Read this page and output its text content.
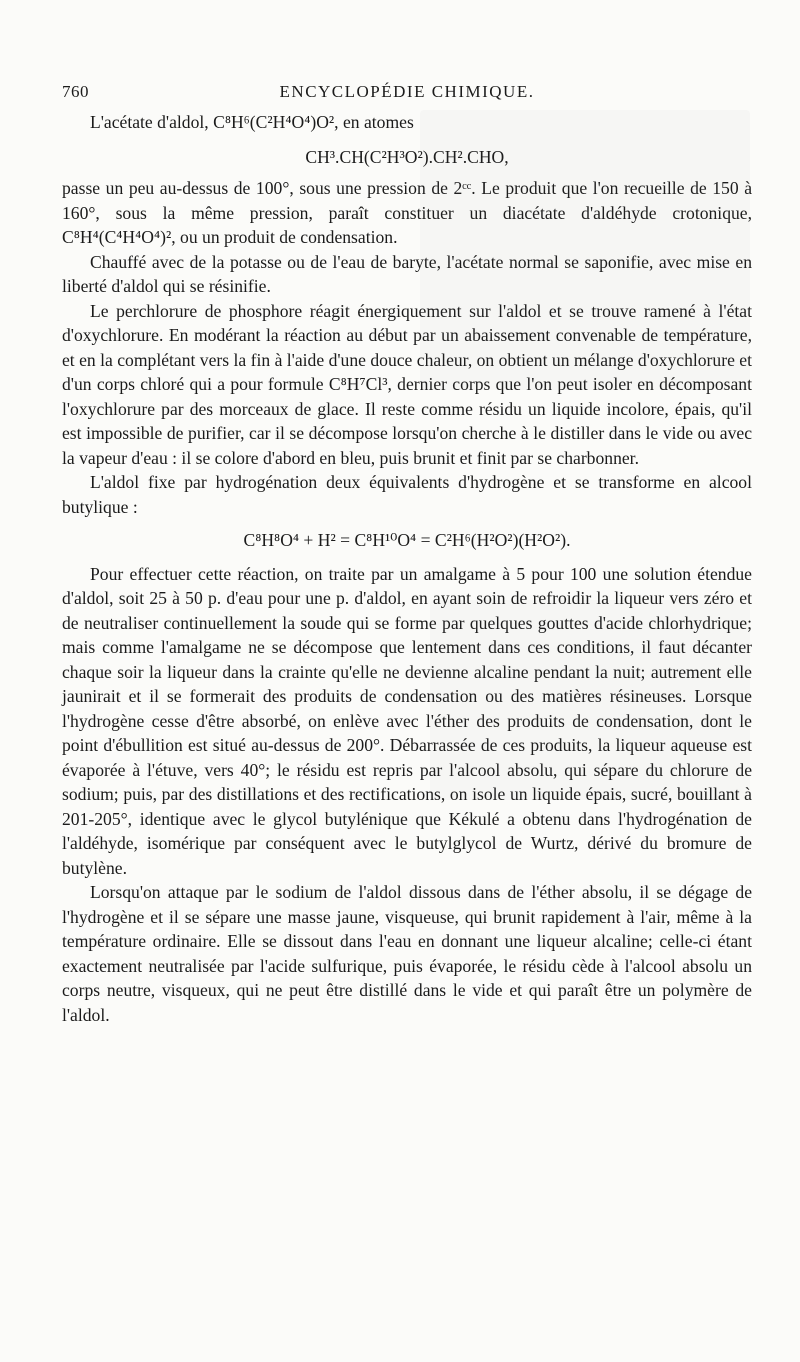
760	ENCYCLOPÉDIE CHIMIQUE.

L'acétate d'aldol, C⁸H⁶(C²H⁴O⁴)O², en atomes

CH³.CH(C²H³O²).CH².CHO,

passe un peu au-dessus de 100°, sous une pression de 2ᶜᶜ. Le produit que l'on recueille de 150 à 160°, sous la même pression, paraît constituer un diacétate d'aldéhyde crotonique, C⁸H⁴(C⁴H⁴O⁴)², ou un produit de condensation.

Chauffé avec de la potasse ou de l'eau de baryte, l'acétate normal se saponifie, avec mise en liberté d'aldol qui se résinifie.

Le perchlorure de phosphore réagit énergiquement sur l'aldol et se trouve ramené à l'état d'oxychlorure. En modérant la réaction au début par un abaissement convenable de température, et en la complétant vers la fin à l'aide d'une douce chaleur, on obtient un mélange d'oxychlorure et d'un corps chloré qui a pour formule C⁸H⁷Cl³, dernier corps que l'on peut isoler en décomposant l'oxychlorure par des morceaux de glace. Il reste comme résidu un liquide incolore, épais, qu'il est impossible de purifier, car il se décompose lorsqu'on cherche à le distiller dans le vide ou avec la vapeur d'eau : il se colore d'abord en bleu, puis brunit et finit par se charbonner.

L'aldol fixe par hydrogénation deux équivalents d'hydrogène et se transforme en alcool butylique :

C⁸H⁸O⁴ + H² = C⁸H¹⁰O⁴ = C²H⁶(H²O²)(H²O²).

Pour effectuer cette réaction, on traite par un amalgame à 5 pour 100 une solution étendue d'aldol, soit 25 à 50 p. d'eau pour une p. d'aldol, en ayant soin de refroidir la liqueur vers zéro et de neutraliser continuellement la soude qui se forme par quelques gouttes d'acide chlorhydrique; mais comme l'amalgame ne se décompose que lentement dans ces conditions, il faut décanter chaque soir la liqueur dans la crainte qu'elle ne devienne alcaline pendant la nuit; autrement elle jaunirait et il se formerait des produits de condensation ou des matières résineuses. Lorsque l'hydrogène cesse d'être absorbé, on enlève avec l'éther des produits de condensation, dont le point d'ébullition est situé au-dessus de 200°. Débarrassée de ces produits, la liqueur aqueuse est évaporée à l'étuve, vers 40°; le résidu est repris par l'alcool absolu, qui sépare du chlorure de sodium; puis, par des distillations et des rectifications, on isole un liquide épais, sucré, bouillant à 201-205°, identique avec le glycol butylénique que Kékulé a obtenu dans l'hydrogénation de l'aldéhyde, isomérique par conséquent avec le butylglycol de Wurtz, dérivé du bromure de butylène.

Lorsqu'on attaque par le sodium de l'aldol dissous dans de l'éther absolu, il se dégage de l'hydrogène et il se sépare une masse jaune, visqueuse, qui brunit rapidement à l'air, même à la température ordinaire. Elle se dissout dans l'eau en donnant une liqueur alcaline; celle-ci étant exactement neutralisée par l'acide sulfurique, puis évaporée, le résidu cède à l'alcool absolu un corps neutre, visqueux, qui ne peut être distillé dans le vide et qui paraît être un polymère de l'aldol.
